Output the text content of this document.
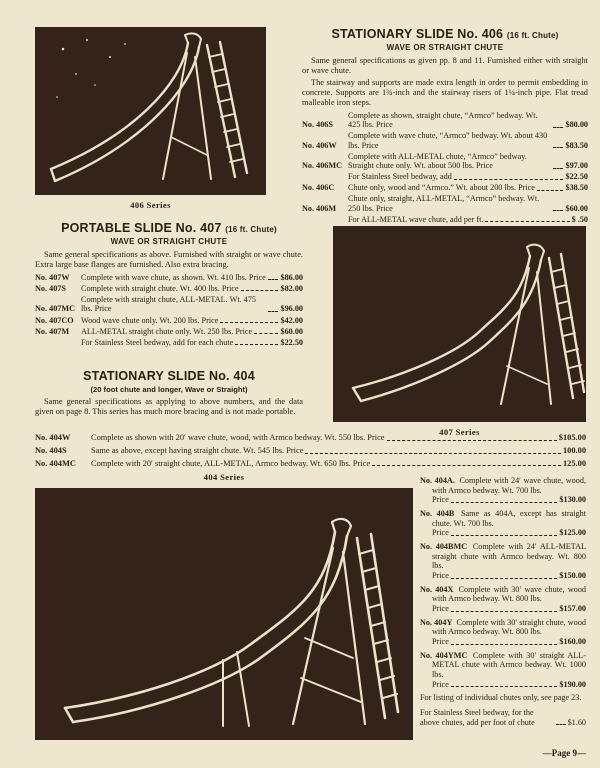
406 Series
STATIONARY SLIDE No. 406 (16 ft. Chute)
WAVE OR STRAIGHT CHUTE

Same general specifications as given pp. 8 and 11. Furnished either with straight or wave chute.

The stairway and supports are made extra length in order to permit embedding in concrete. Supports are 1¾-inch and the stairway risers of 1¼-inch pipe. Flat tread malleable iron steps.

No. 406S
Complete as shown, straight chute, “Armco” bedway. Wt. 425 lbs. Price	$80.00
No. 406W
Complete with wave chute, “Armco” bedway. Wt. about 430 lbs. Price	$83.50
No. 406MC
Complete with ALL-METAL chute, “Armco” bedway. Straight chute only. Wt. about 500 lbs. Price	$97.00
For Stainless Steel bedway, add	$22.50
No. 406C	Chute only, wood and “Armco.” Wt. about 200 lbs. Price	$38.50
No. 406M
Chute only, straight, ALL-METAL, “Armco” bedway. Wt. 250 lbs. Price	$60.00
For ALL-METAL wave chute, add per ft.	$ .50
PORTABLE SLIDE No. 407 (16 ft. Chute)
WAVE OR STRAIGHT CHUTE

Same general specifications as above. Furnished with straight or wave chute. Extra large base flanges are furnished. Also extra bracing.

No. 407W	Complete with wave chute, as shown. Wt. 410 lbs. Price $86.00
No. 407S	Complete with straight chute. Wt. 400 lbs. Price	$82.00
No. 407MC
Complete with straight chute, ALL-METAL. Wt. 475 lbs. Price	$96.00
No. 407CO Wood wave chute only. Wt. 200 lbs. Price	$42.00
No. 407M	ALL-METAL straight chute only. Wt. 250 lbs. Price	$60.00
For Stainless Steel bedway, add for each chute	$22.50
407 Series
STATIONARY SLIDE No. 404
(20 foot chute and longer, Wave or Straight)

Same general specifications as applying to above numbers, and the data given on page 8. This series has much more bracing and is not made portable.

No. 404W	Complete as shown with 20′ wave chute, wood, with Armco bedway. Wt. 550 lbs. Price	$105.00
No. 404S	Same as above, except having straight chute. Wt. 545 lbs. Price	100.00
No. 404MC	Complete with 20′ straight chute, ALL-METAL, Armco bedway. Wt. 650 lbs. Price	125.00
404 Series	No. 404A. Complete with 24′ wave chute, wood, with Armco bedway. Wt. 700 lbs.
Price	$130.00
No. 404B Same as 404A, except has straight chute. Wt. 700 lbs.
Price	$125.00
No. 404BMC Complete with 24′ ALL-METAL straight chute with Armco bedway. Wt. 800 lbs.
Price	$150.00
No. 404X Complete with 30′ wave chute, wood with Armco bedway. Wt. 800 lbs.
Price	$157.00
No. 404Y Complete with 30′ straight chute, wood with Armco bedway. Wt. 800 lbs.
Price	$160.00
No. 404YMC Complete with 30′ straight ALL-METAL chute with Armco bedway. Wt. 1000 lbs.
Price	$190.00

For listing of individual chutes only, see page 23.

For Stainless Steel bedway, for the above chutes, add per foot of chute	$1.60
—Page 9—
